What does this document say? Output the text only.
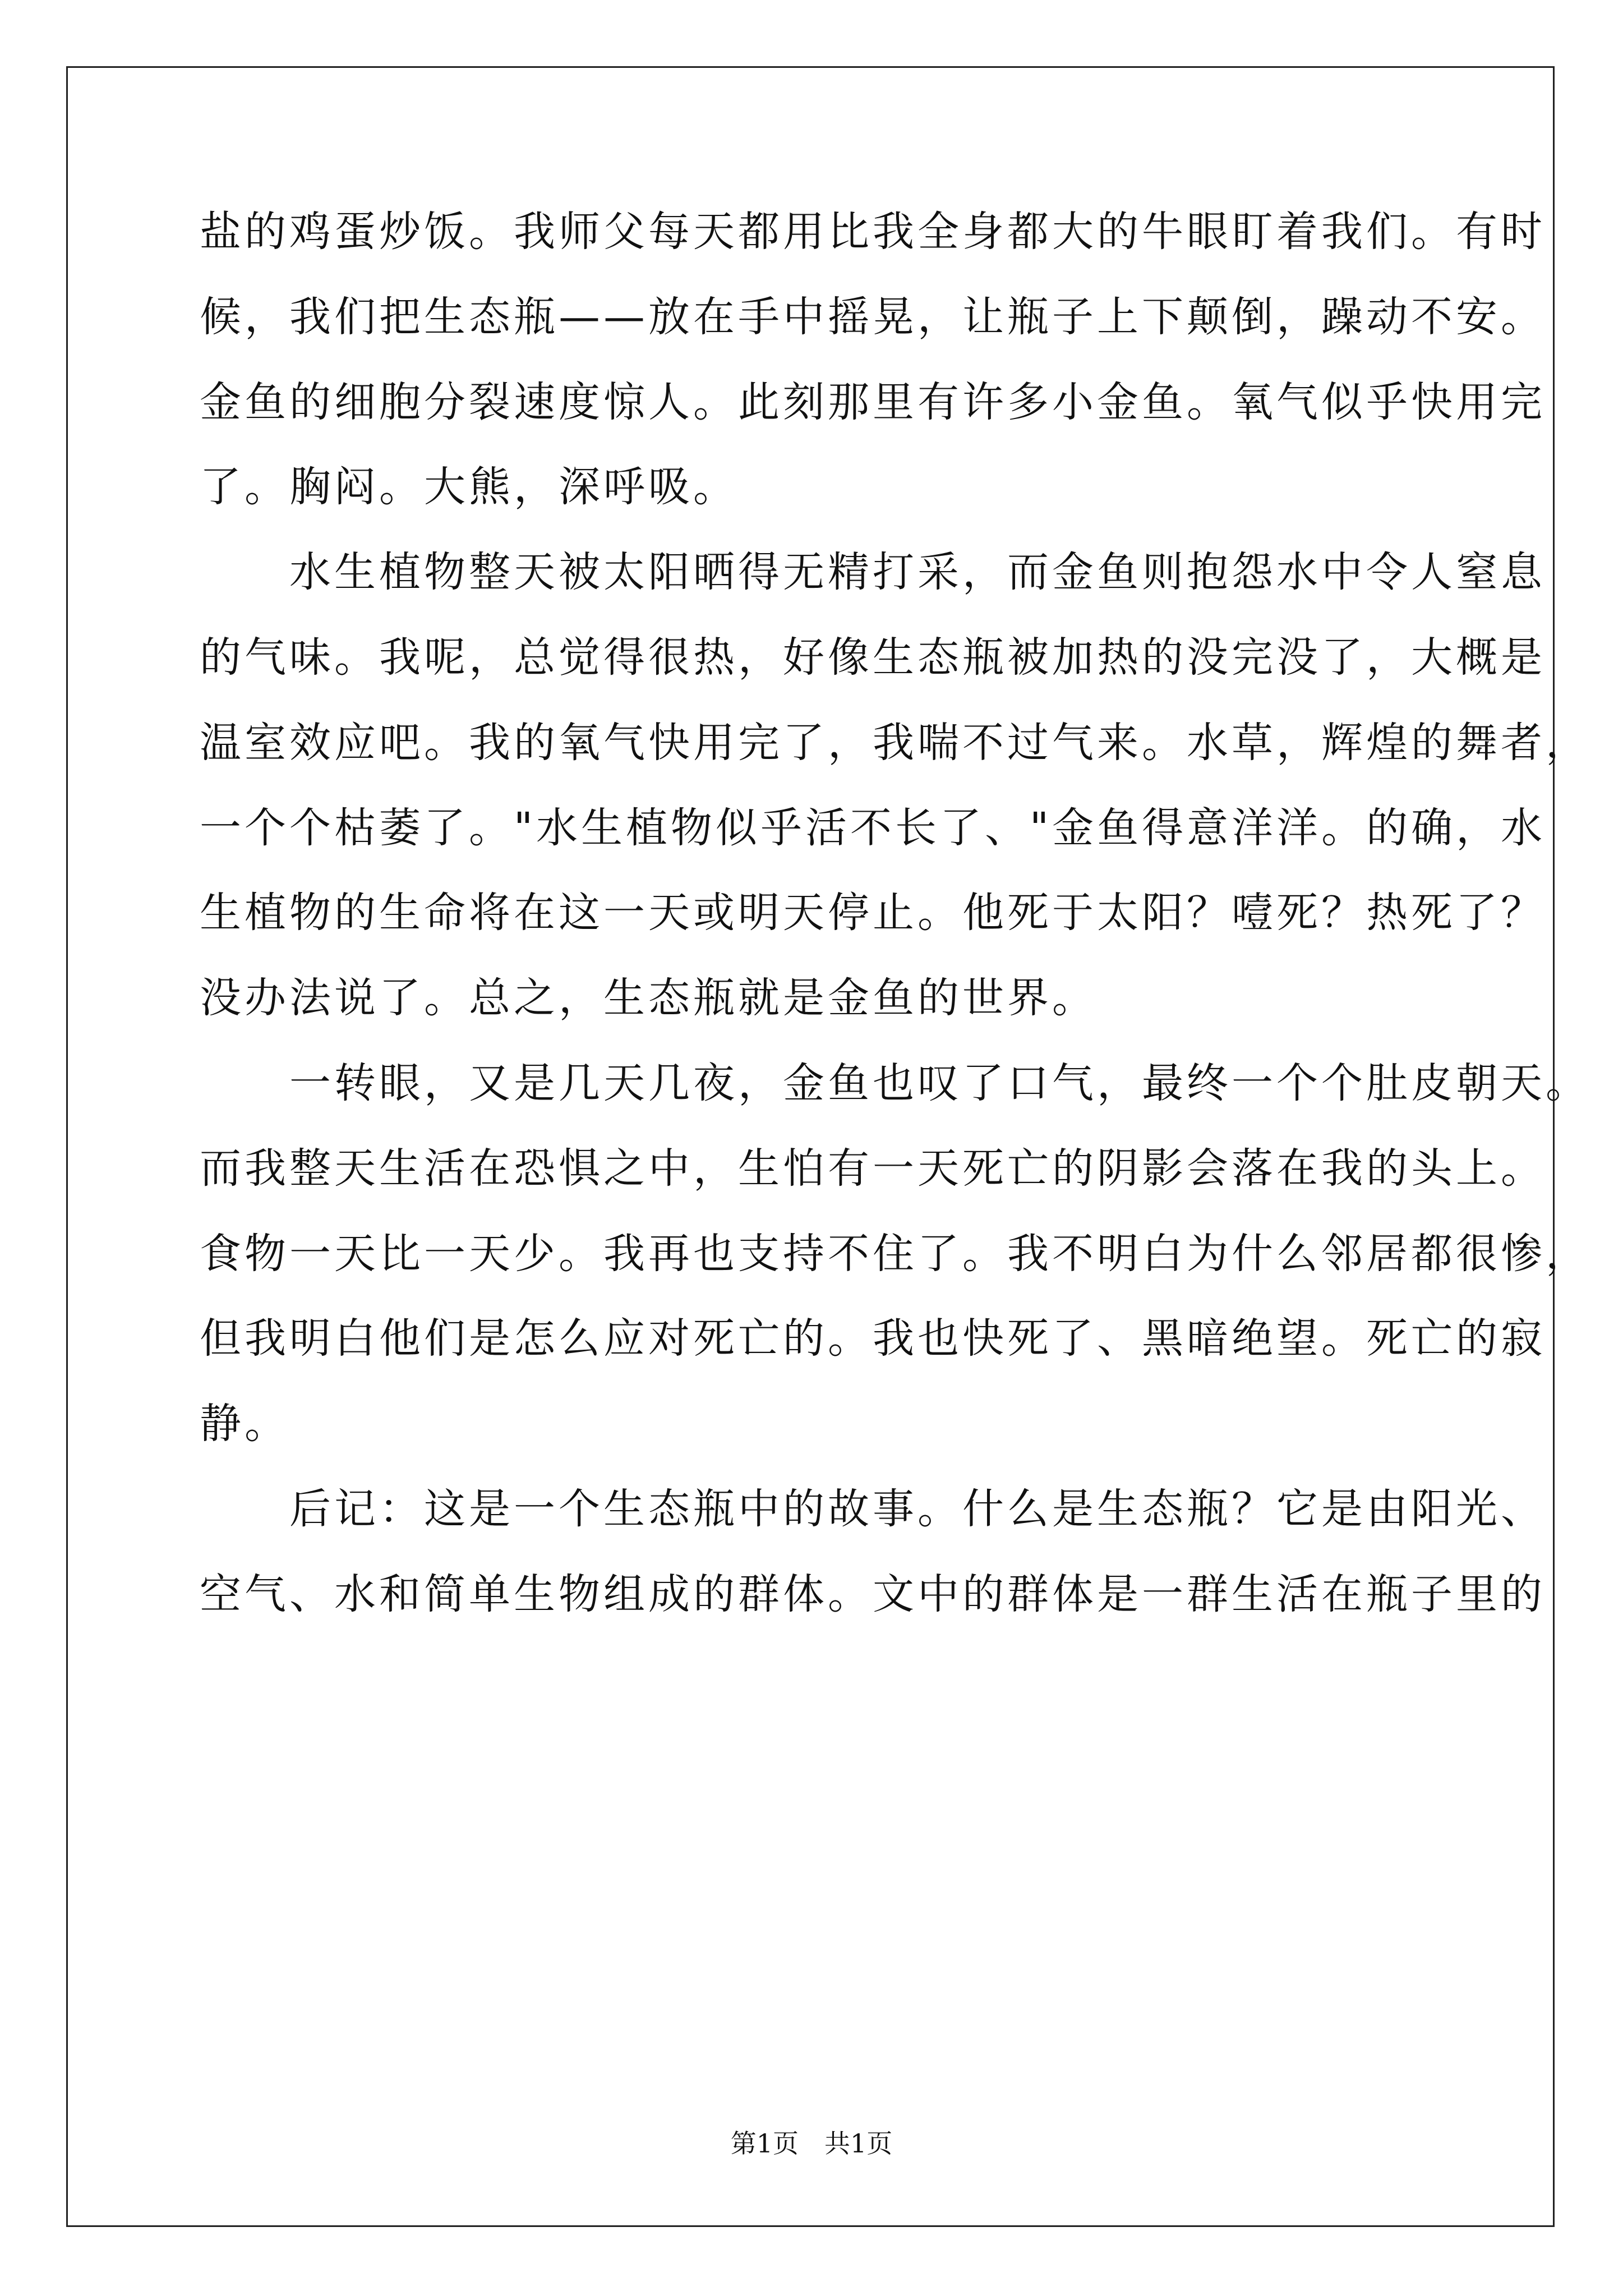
盐的鸡蛋炒饭。我师父每天都用比我全身都大的牛眼盯着我们。有时
候，我们把生态瓶——放在手中摇晃，让瓶子上下颠倒，躁动不安。
金鱼的细胞分裂速度惊人。此刻那里有许多小金鱼。氧气似乎快用完
了。胸闷。大熊，深呼吸。
　　水生植物整天被太阳晒得无精打采，而金鱼则抱怨水中令人窒息
的气味。我呢，总觉得很热，好像生态瓶被加热的没完没了，大概是
温室效应吧。我的氧气快用完了，我喘不过气来。水草，辉煌的舞者，
一个个枯萎了。"水生植物似乎活不长了、"金鱼得意洋洋。的确，水
生植物的生命将在这一天或明天停止。他死于太阳？噎死？热死了？
没办法说了。总之，生态瓶就是金鱼的世界。
　　一转眼，又是几天几夜，金鱼也叹了口气，最终一个个肚皮朝天。
而我整天生活在恐惧之中，生怕有一天死亡的阴影会落在我的头上。
食物一天比一天少。我再也支持不住了。我不明白为什么邻居都很惨，
但我明白他们是怎么应对死亡的。我也快死了、黑暗绝望。死亡的寂
静。
　　后记：这是一个生态瓶中的故事。什么是生态瓶？它是由阳光、
空气、水和简单生物组成的群体。文中的群体是一群生活在瓶子里的
第1页　共1页
